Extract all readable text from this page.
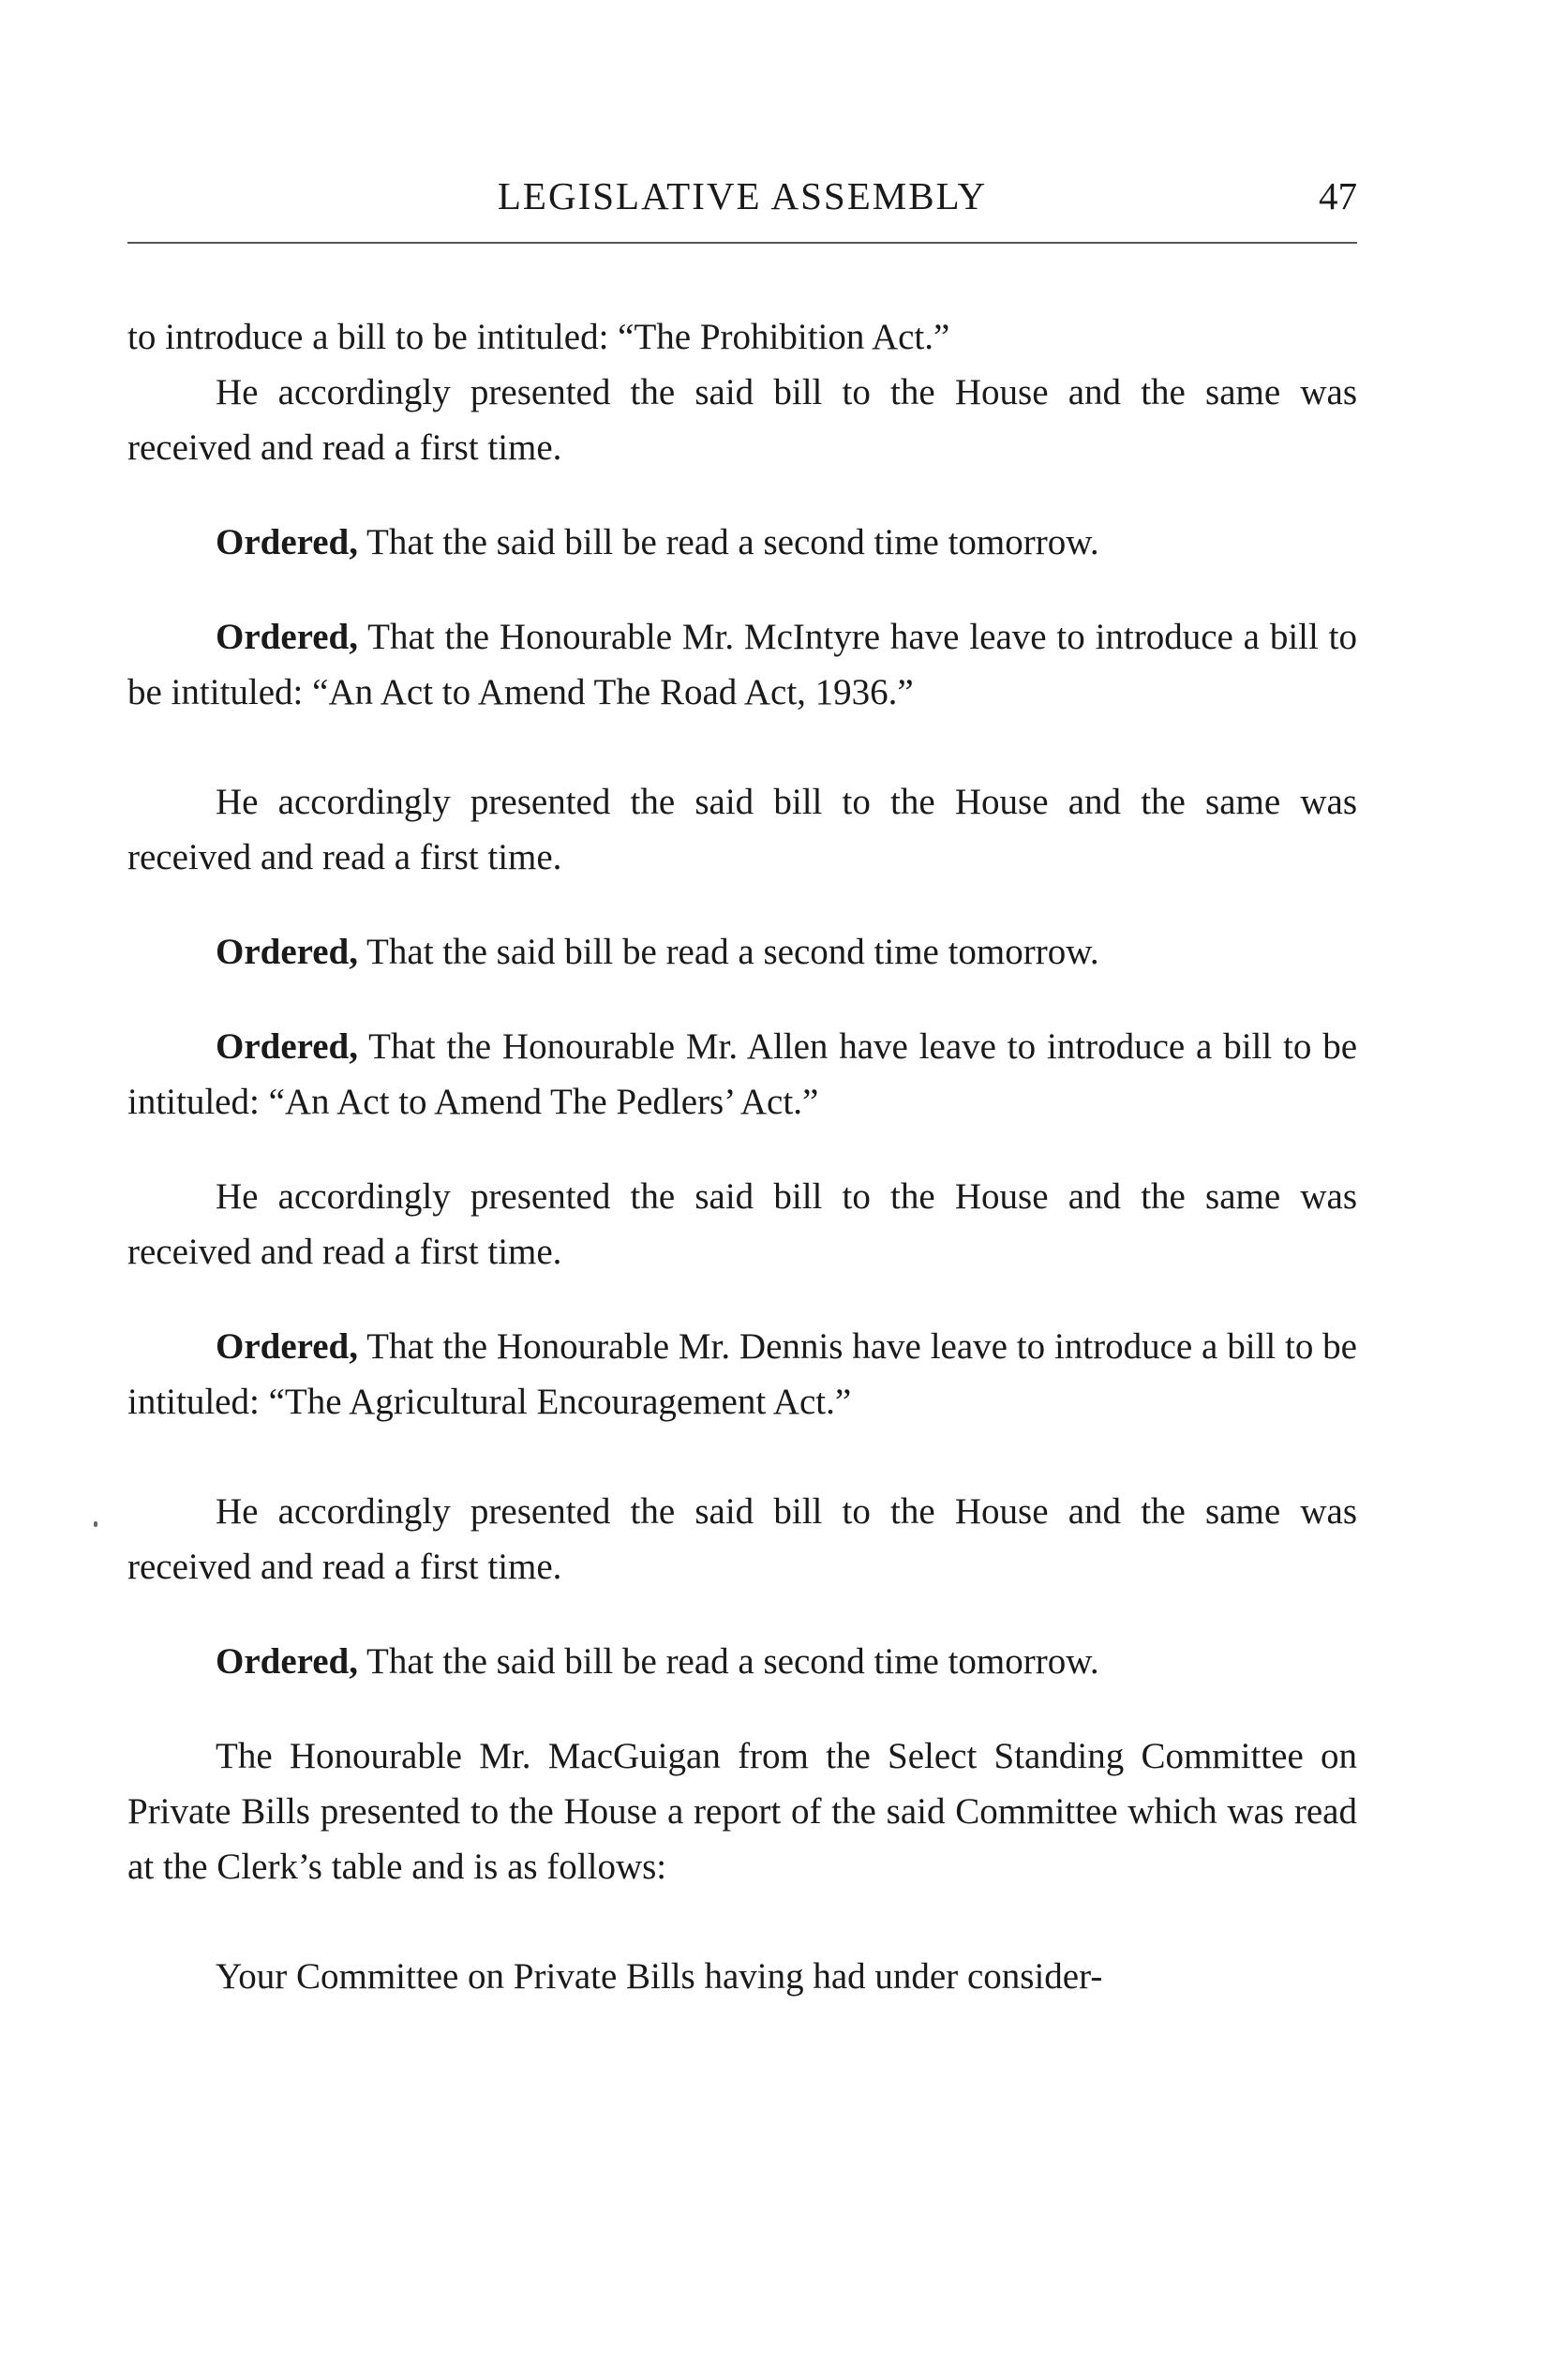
LEGISLATIVE ASSEMBLY	47

to introduce a bill to be intituled: “The Prohibition Act.”

He accordingly presented the said bill to the House and the same was received and read a first time.

Ordered, That the said bill be read a second time tomorrow.

Ordered, That the Honourable Mr. McIntyre have leave to introduce a bill to be intituled: “An Act to Amend The Road Act, 1936.”

He accordingly presented the said bill to the House and the same was received and read a first time.

Ordered, That the said bill be read a second time tomorrow.

Ordered, That the Honourable Mr. Allen have leave to introduce a bill to be intituled: “An Act to Amend The Pedlers’ Act.”

He accordingly presented the said bill to the House and the same was received and read a first time.

Ordered, That the Honourable Mr. Dennis have leave to introduce a bill to be intituled: “The Agricultural Encouragement Act.”

He accordingly presented the said bill to the House and the same was received and read a first time.

Ordered, That the said bill be read a second time tomorrow.

The Honourable Mr. MacGuigan from the Select Standing Committee on Private Bills presented to the House a report of the said Committee which was read at the Clerk’s table and is as follows:

Your Committee on Private Bills having had under consider-
